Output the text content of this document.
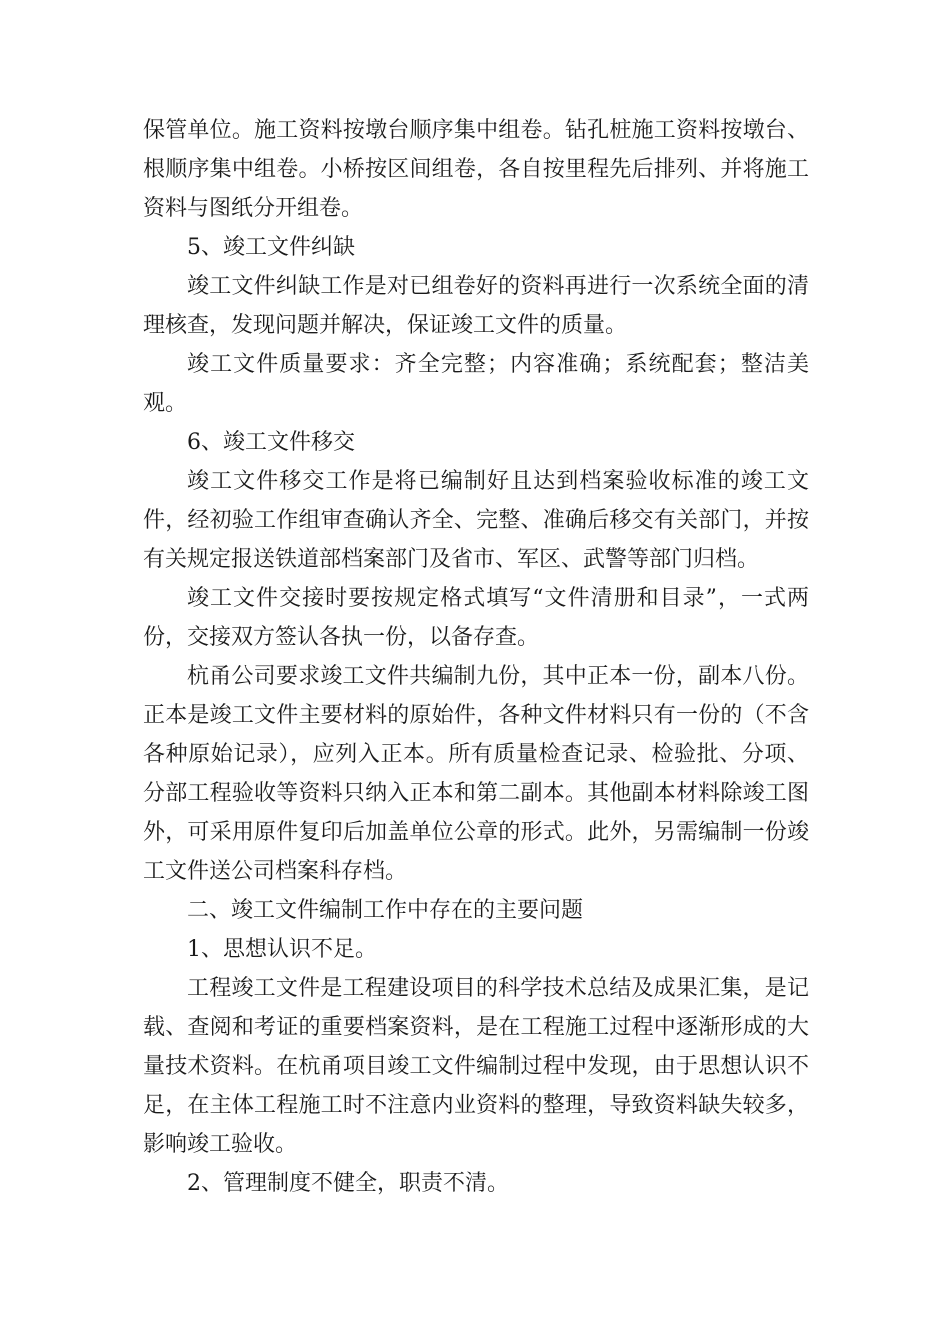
保管单位。施工资料按墩台顺序集中组卷。钻孔桩施工资料按墩台、根顺序集中组卷。小桥按区间组卷，各自按里程先后排列、并将施工资料与图纸分开组卷。

5、竣工文件纠缺

竣工文件纠缺工作是对已组卷好的资料再进行一次系统全面的清理核查，发现问题并解决，保证竣工文件的质量。

竣工文件质量要求：齐全完整；内容准确；系统配套；整洁美观。

6、竣工文件移交

竣工文件移交工作是将已编制好且达到档案验收标准的竣工文件，经初验工作组审查确认齐全、完整、准确后移交有关部门，并按有关规定报送铁道部档案部门及省市、军区、武警等部门归档。

竣工文件交接时要按规定格式填写“文件清册和目录”，一式两份，交接双方签认各执一份，以备存查。

杭甬公司要求竣工文件共编制九份，其中正本一份，副本八份。正本是竣工文件主要材料的原始件，各种文件材料只有一份的（不含各种原始记录），应列入正本。所有质量检查记录、检验批、分项、分部工程验收等资料只纳入正本和第二副本。其他副本材料除竣工图外，可采用原件复印后加盖单位公章的形式。此外，另需编制一份竣工文件送公司档案科存档。

二、竣工文件编制工作中存在的主要问题

1、思想认识不足。

工程竣工文件是工程建设项目的科学技术总结及成果汇集，是记载、查阅和考证的重要档案资料，是在工程施工过程中逐渐形成的大量技术资料。在杭甬项目竣工文件编制过程中发现，由于思想认识不足，在主体工程施工时不注意内业资料的整理，导致资料缺失较多，影响竣工验收。

2、管理制度不健全，职责不清。
